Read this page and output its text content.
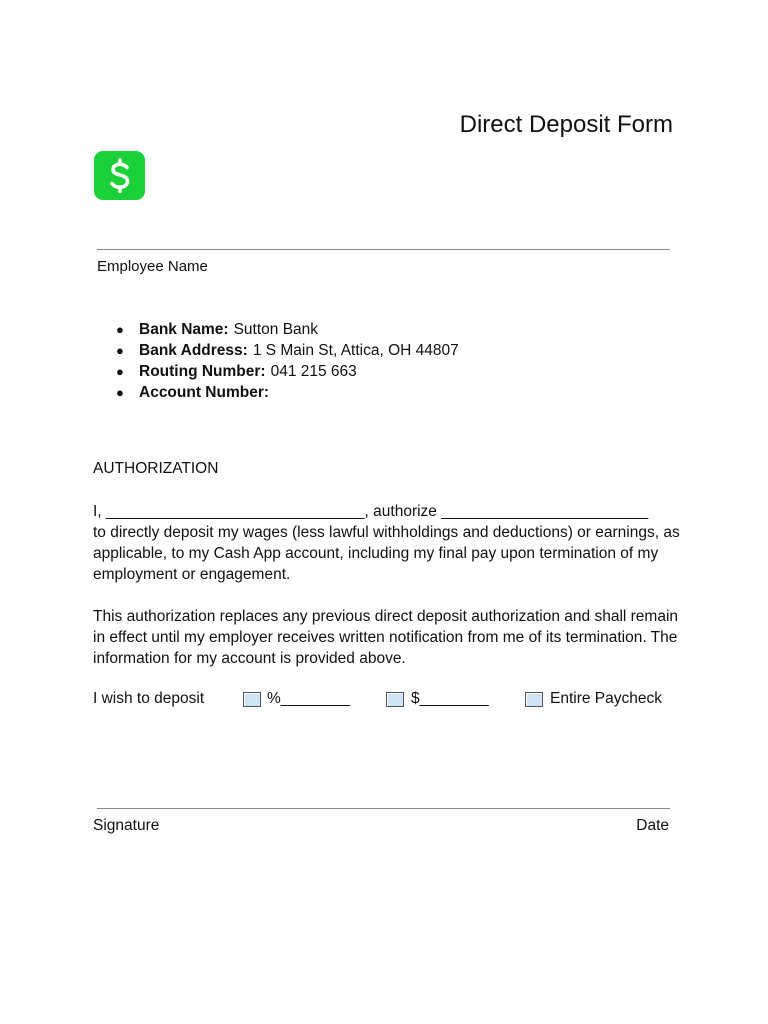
Direct Deposit Form
Employee Name
● Bank Name: Sutton Bank
● Bank Address: 1 S Main St, Attica, OH 44807
● Routing Number: 041 215 663
● Account Number:
AUTHORIZATION

I, ______________________________, authorize ________________________
to directly deposit my wages (less lawful withholdings and deductions) or earnings, as applicable, to my Cash App account, including my final pay upon termination of my employment or engagement.

This authorization replaces any previous direct deposit authorization and shall remain in effect until my employer receives written notification from me of its termination. The information for my account is provided above.

I wish to deposit	%________	$________	Entire Paycheck
Signature	Date
